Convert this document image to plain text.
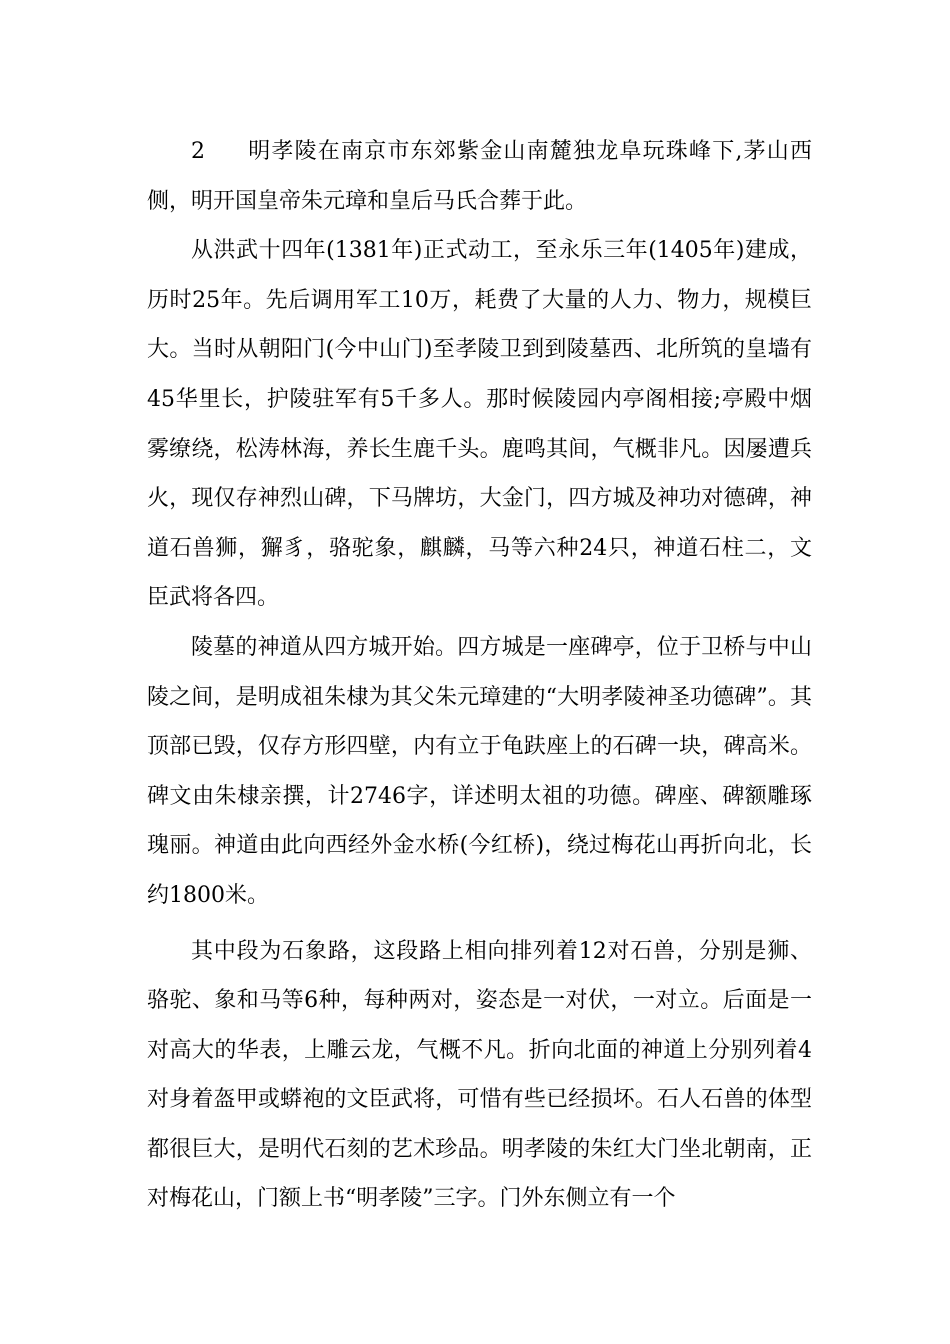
2 明孝陵在南京市东郊紫金山南麓独龙阜玩珠峰下,茅山西侧，明开国皇帝朱元璋和皇后马氏合葬于此。

从洪武十四年(1381年)正式动工，至永乐三年(1405年)建成，历时25年。先后调用军工10万，耗费了大量的人力、物力，规模巨大。当时从朝阳门(今中山门)至孝陵卫到到陵墓西、北所筑的皇墙有45华里长，护陵驻军有5千多人。那时候陵园内亭阁相接;亭殿中烟雾缭绕，松涛林海，养长生鹿千头。鹿鸣其间，气概非凡。因屡遭兵火，现仅存神烈山碑，下马牌坊，大金门，四方城及神功对德碑，神道石兽狮，獬豸，骆驼象，麒麟，马等六种24只，神道石柱二，文臣武将各四。

陵墓的神道从四方城开始。四方城是一座碑亭，位于卫桥与中山陵之间，是明成祖朱棣为其父朱元璋建的“大明孝陵神圣功德碑”。其顶部已毁，仅存方形四壁，内有立于龟趺座上的石碑一块，碑高米。碑文由朱棣亲撰，计2746字，详述明太祖的功德。碑座、碑额雕琢瑰丽。神道由此向西经外金水桥(今红桥)，绕过梅花山再折向北，长约1800米。

其中段为石象路，这段路上相向排列着12对石兽，分别是狮、骆驼、象和马等6种，每种两对，姿态是一对伏，一对立。后面是一对高大的华表，上雕云龙，气概不凡。折向北面的神道上分别列着4对身着盔甲或蟒袍的文臣武将，可惜有些已经损坏。石人石兽的体型都很巨大，是明代石刻的艺术珍品。明孝陵的朱红大门坐北朝南，正对梅花山，门额上书“明孝陵”三字。门外东侧立有一个
